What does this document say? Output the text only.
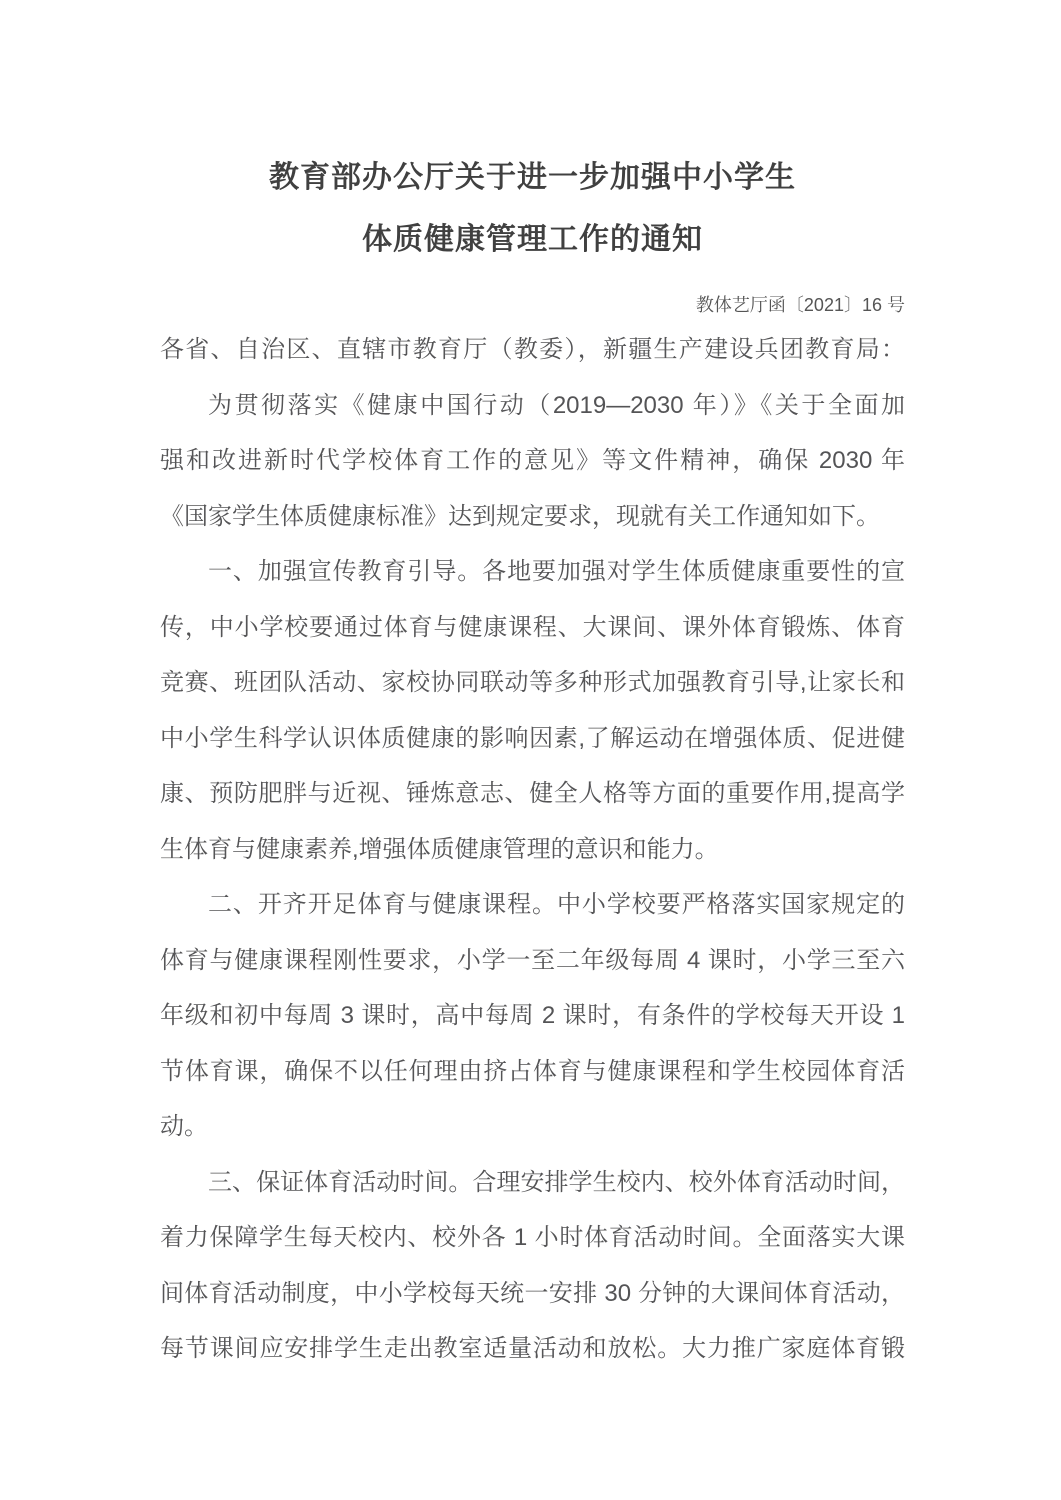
教育部办公厅关于进一步加强中小学生
体质健康管理工作的通知
教体艺厅函〔2021〕16 号
各省、自治区、直辖市教育厅（教委），新疆生产建设兵团教育局：
为贯彻落实《健康中国行动（2019—2030 年）》《关于全面加
强和改进新时代学校体育工作的意见》等文件精神，确保 2030 年
《国家学生体质健康标准》达到规定要求，现就有关工作通知如下。
一、加强宣传教育引导。各地要加强对学生体质健康重要性的宣
传，中小学校要通过体育与健康课程、大课间、课外体育锻炼、体育
竞赛、班团队活动、家校协同联动等多种形式加强教育引导,让家长和
中小学生科学认识体质健康的影响因素,了解运动在增强体质、促进健
康、预防肥胖与近视、锤炼意志、健全人格等方面的重要作用,提高学
生体育与健康素养,增强体质健康管理的意识和能力。
二、开齐开足体育与健康课程。中小学校要严格落实国家规定的
体育与健康课程刚性要求，小学一至二年级每周 4 课时，小学三至六
年级和初中每周 3 课时，高中每周 2 课时，有条件的学校每天开设 1
节体育课，确保不以任何理由挤占体育与健康课程和学生校园体育活
动。
三、保证体育活动时间。合理安排学生校内、校外体育活动时间，
着力保障学生每天校内、校外各 1 小时体育活动时间。全面落实大课
间体育活动制度，中小学校每天统一安排 30 分钟的大课间体育活动，
每节课间应安排学生走出教室适量活动和放松。大力推广家庭体育锻
